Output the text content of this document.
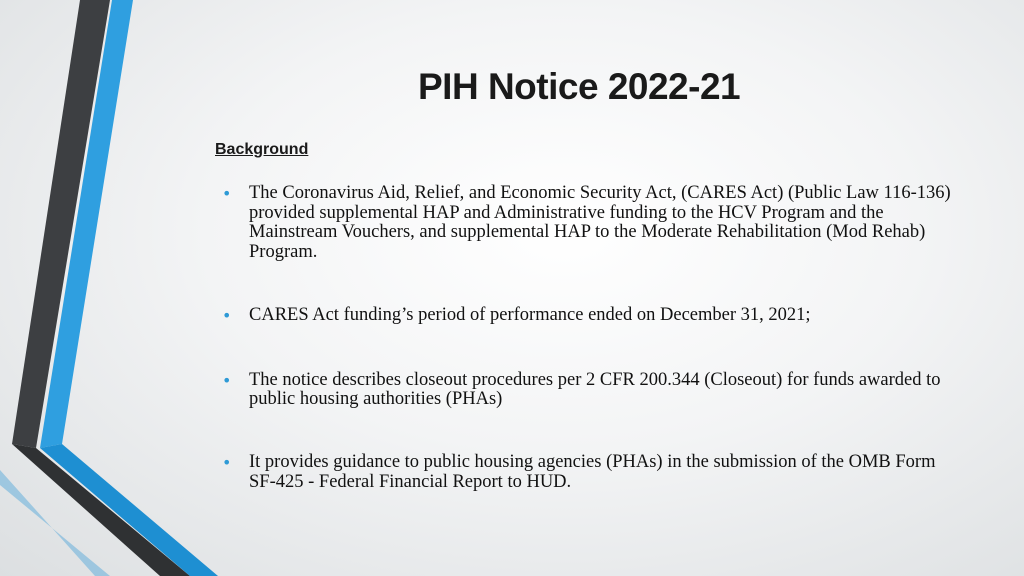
PIH Notice 2022-21
Background
• The Coronavirus Aid, Relief, and Economic Security Act, (CARES Act) (Public Law 116-136) provided supplemental HAP and Administrative funding to the HCV Program and the Mainstream Vouchers, and supplemental HAP to the Moderate Rehabilitation (Mod Rehab) Program.
• CARES Act funding’s period of performance ended on December 31, 2021;
• The notice describes closeout procedures per 2 CFR 200.344 (Closeout) for funds awarded to public housing authorities (PHAs)
• It provides guidance to public housing agencies (PHAs) in the submission of the OMB Form SF-425 - Federal Financial Report to HUD.
